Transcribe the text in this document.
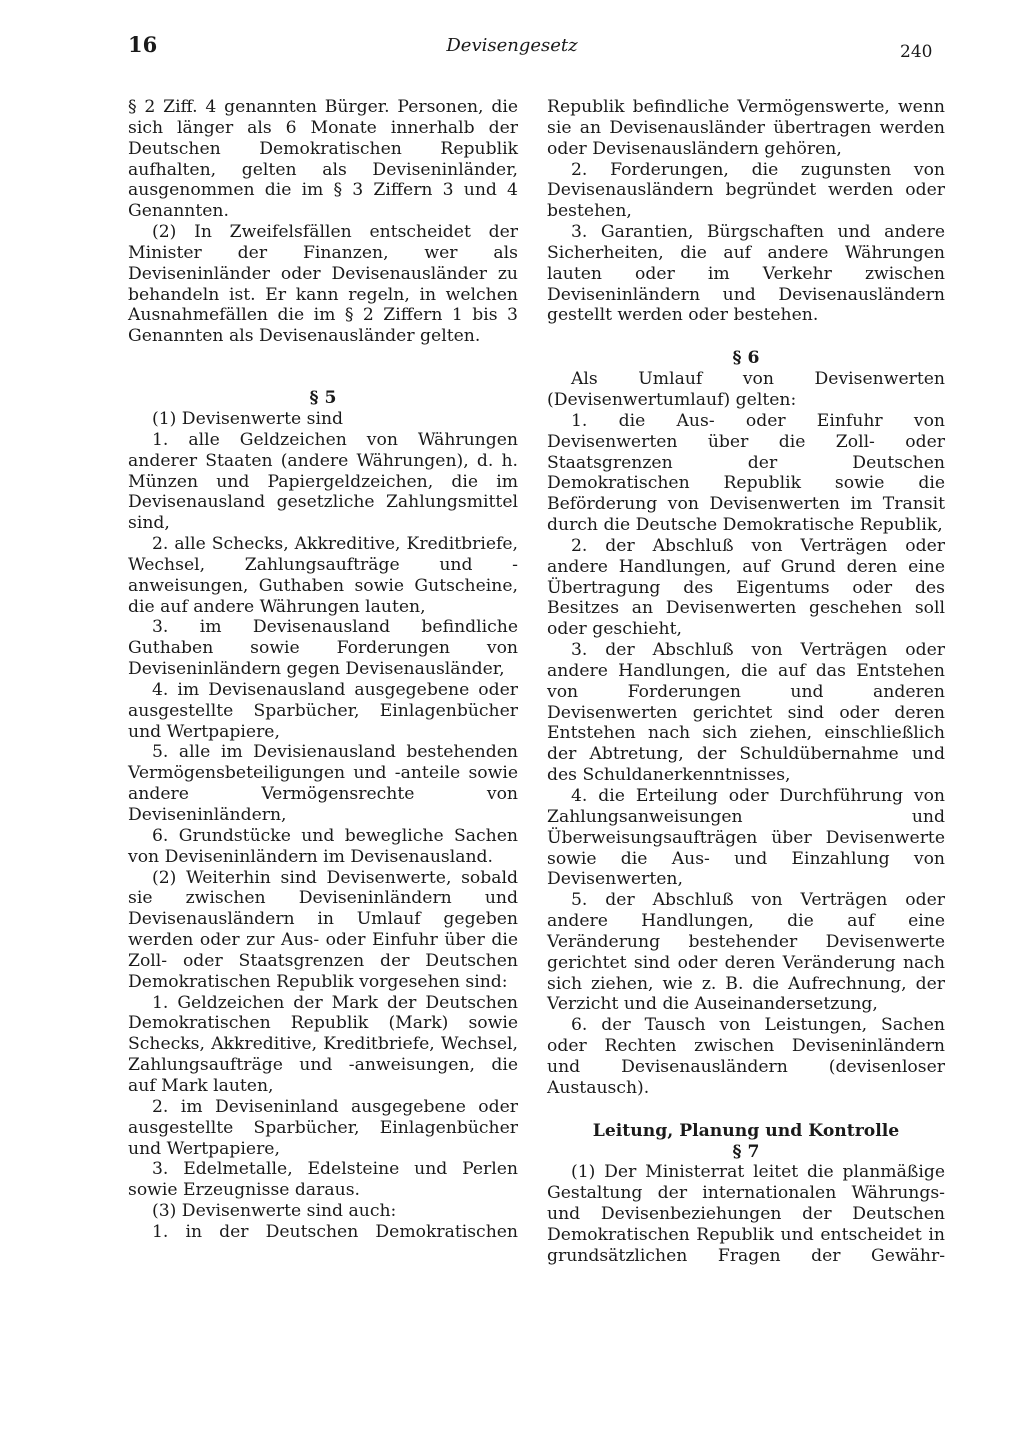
16	Devisengesetz	240

§ 2 Ziff. 4 genannten Bürger. Personen, die sich länger als 6 Monate innerhalb der Deutschen Demokratischen Republik aufhalten, gelten als Deviseninländer, ausgenommen die im § 3 Ziffern 3 und 4 Genannten.

(2) In Zweifelsfällen entscheidet der Minister der Finanzen, wer als Deviseninländer oder Devisenausländer zu behandeln ist. Er kann regeln, in welchen Ausnahmefällen die im § 2 Ziffern 1 bis 3 Genannten als Devisenausländer gelten.

§ 5

(1) Devisenwerte sind

1. alle Geldzeichen von Währungen anderer Staaten (andere Währungen), d. h. Münzen und Papiergeldzeichen, die im Devisenausland gesetzliche Zahlungsmittel sind,

2. alle Schecks, Akkreditive, Kreditbriefe, Wechsel, Zahlungsaufträge und -anweisungen, Guthaben sowie Gutscheine, die auf andere Währungen lauten,

3. im Devisenausland befindliche Guthaben sowie Forderungen von Deviseninländern gegen Devisenausländer,

4. im Devisenausland ausgegebene oder ausgestellte Sparbücher, Einlagenbücher und Wertpapiere,

5. alle im Devisienausland bestehenden Vermögensbeteiligungen und -anteile sowie andere Vermögensrechte von Deviseninländern,

6. Grundstücke und bewegliche Sachen von Deviseninländern im Devisenausland.

(2) Weiterhin sind Devisenwerte, sobald sie zwischen Deviseninländern und Devisenausländern in Umlauf gegeben werden oder zur Aus- oder Einfuhr über die Zoll- oder Staatsgrenzen der Deutschen Demokratischen Republik vorgesehen sind:

1. Geldzeichen der Mark der Deutschen Demokratischen Republik (Mark) sowie Schecks, Akkreditive, Kreditbriefe, Wechsel, Zahlungsaufträge und -anweisungen, die auf Mark lauten,

2. im Deviseninland ausgegebene oder ausgestellte Sparbücher, Einlagenbücher und Wertpapiere,

3. Edelmetalle, Edelsteine und Perlen sowie Erzeugnisse daraus.

(3) Devisenwerte sind auch:

1. in der Deutschen Demokratischen

Republik befindliche Vermögenswerte, wenn sie an Devisenausländer übertragen werden oder Devisenausländern gehören,

2. Forderungen, die zugunsten von Devisenausländern begründet werden oder bestehen,

3. Garantien, Bürgschaften und andere Sicherheiten, die auf andere Währungen lauten oder im Verkehr zwischen Deviseninländern und Devisenausländern gestellt werden oder bestehen.

§ 6

Als Umlauf von Devisenwerten (Devisenwertumlauf) gelten:

1. die Aus- oder Einfuhr von Devisenwerten über die Zoll- oder Staatsgrenzen der Deutschen Demokratischen Republik sowie die Beförderung von Devisenwerten im Transit durch die Deutsche Demokratische Republik,

2. der Abschluß von Verträgen oder andere Handlungen, auf Grund deren eine Übertragung des Eigentums oder des Besitzes an Devisenwerten geschehen soll oder geschieht,

3. der Abschluß von Verträgen oder andere Handlungen, die auf das Entstehen von Forderungen und anderen Devisenwerten gerichtet sind oder deren Entstehen nach sich ziehen, einschließlich der Abtretung, der Schuldübernahme und des Schuldanerkenntnisses,

4. die Erteilung oder Durchführung von Zahlungsanweisungen und Überweisungsaufträgen über Devisenwerte sowie die Aus- und Einzahlung von Devisenwerten,

5. der Abschluß von Verträgen oder andere Handlungen, die auf eine Veränderung bestehender Devisenwerte gerichtet sind oder deren Veränderung nach sich ziehen, wie z. B. die Aufrechnung, der Verzicht und die Auseinandersetzung,

6. der Tausch von Leistungen, Sachen oder Rechten zwischen Deviseninländern und Devisenausländern (devisenloser Austausch).

Leitung, Planung und Kontrolle

§ 7

(1) Der Ministerrat leitet die planmäßige Gestaltung der internationalen Währungs- und Devisenbeziehungen der Deutschen Demokratischen Republik und entscheidet in grundsätzlichen Fragen der Gewähr-
